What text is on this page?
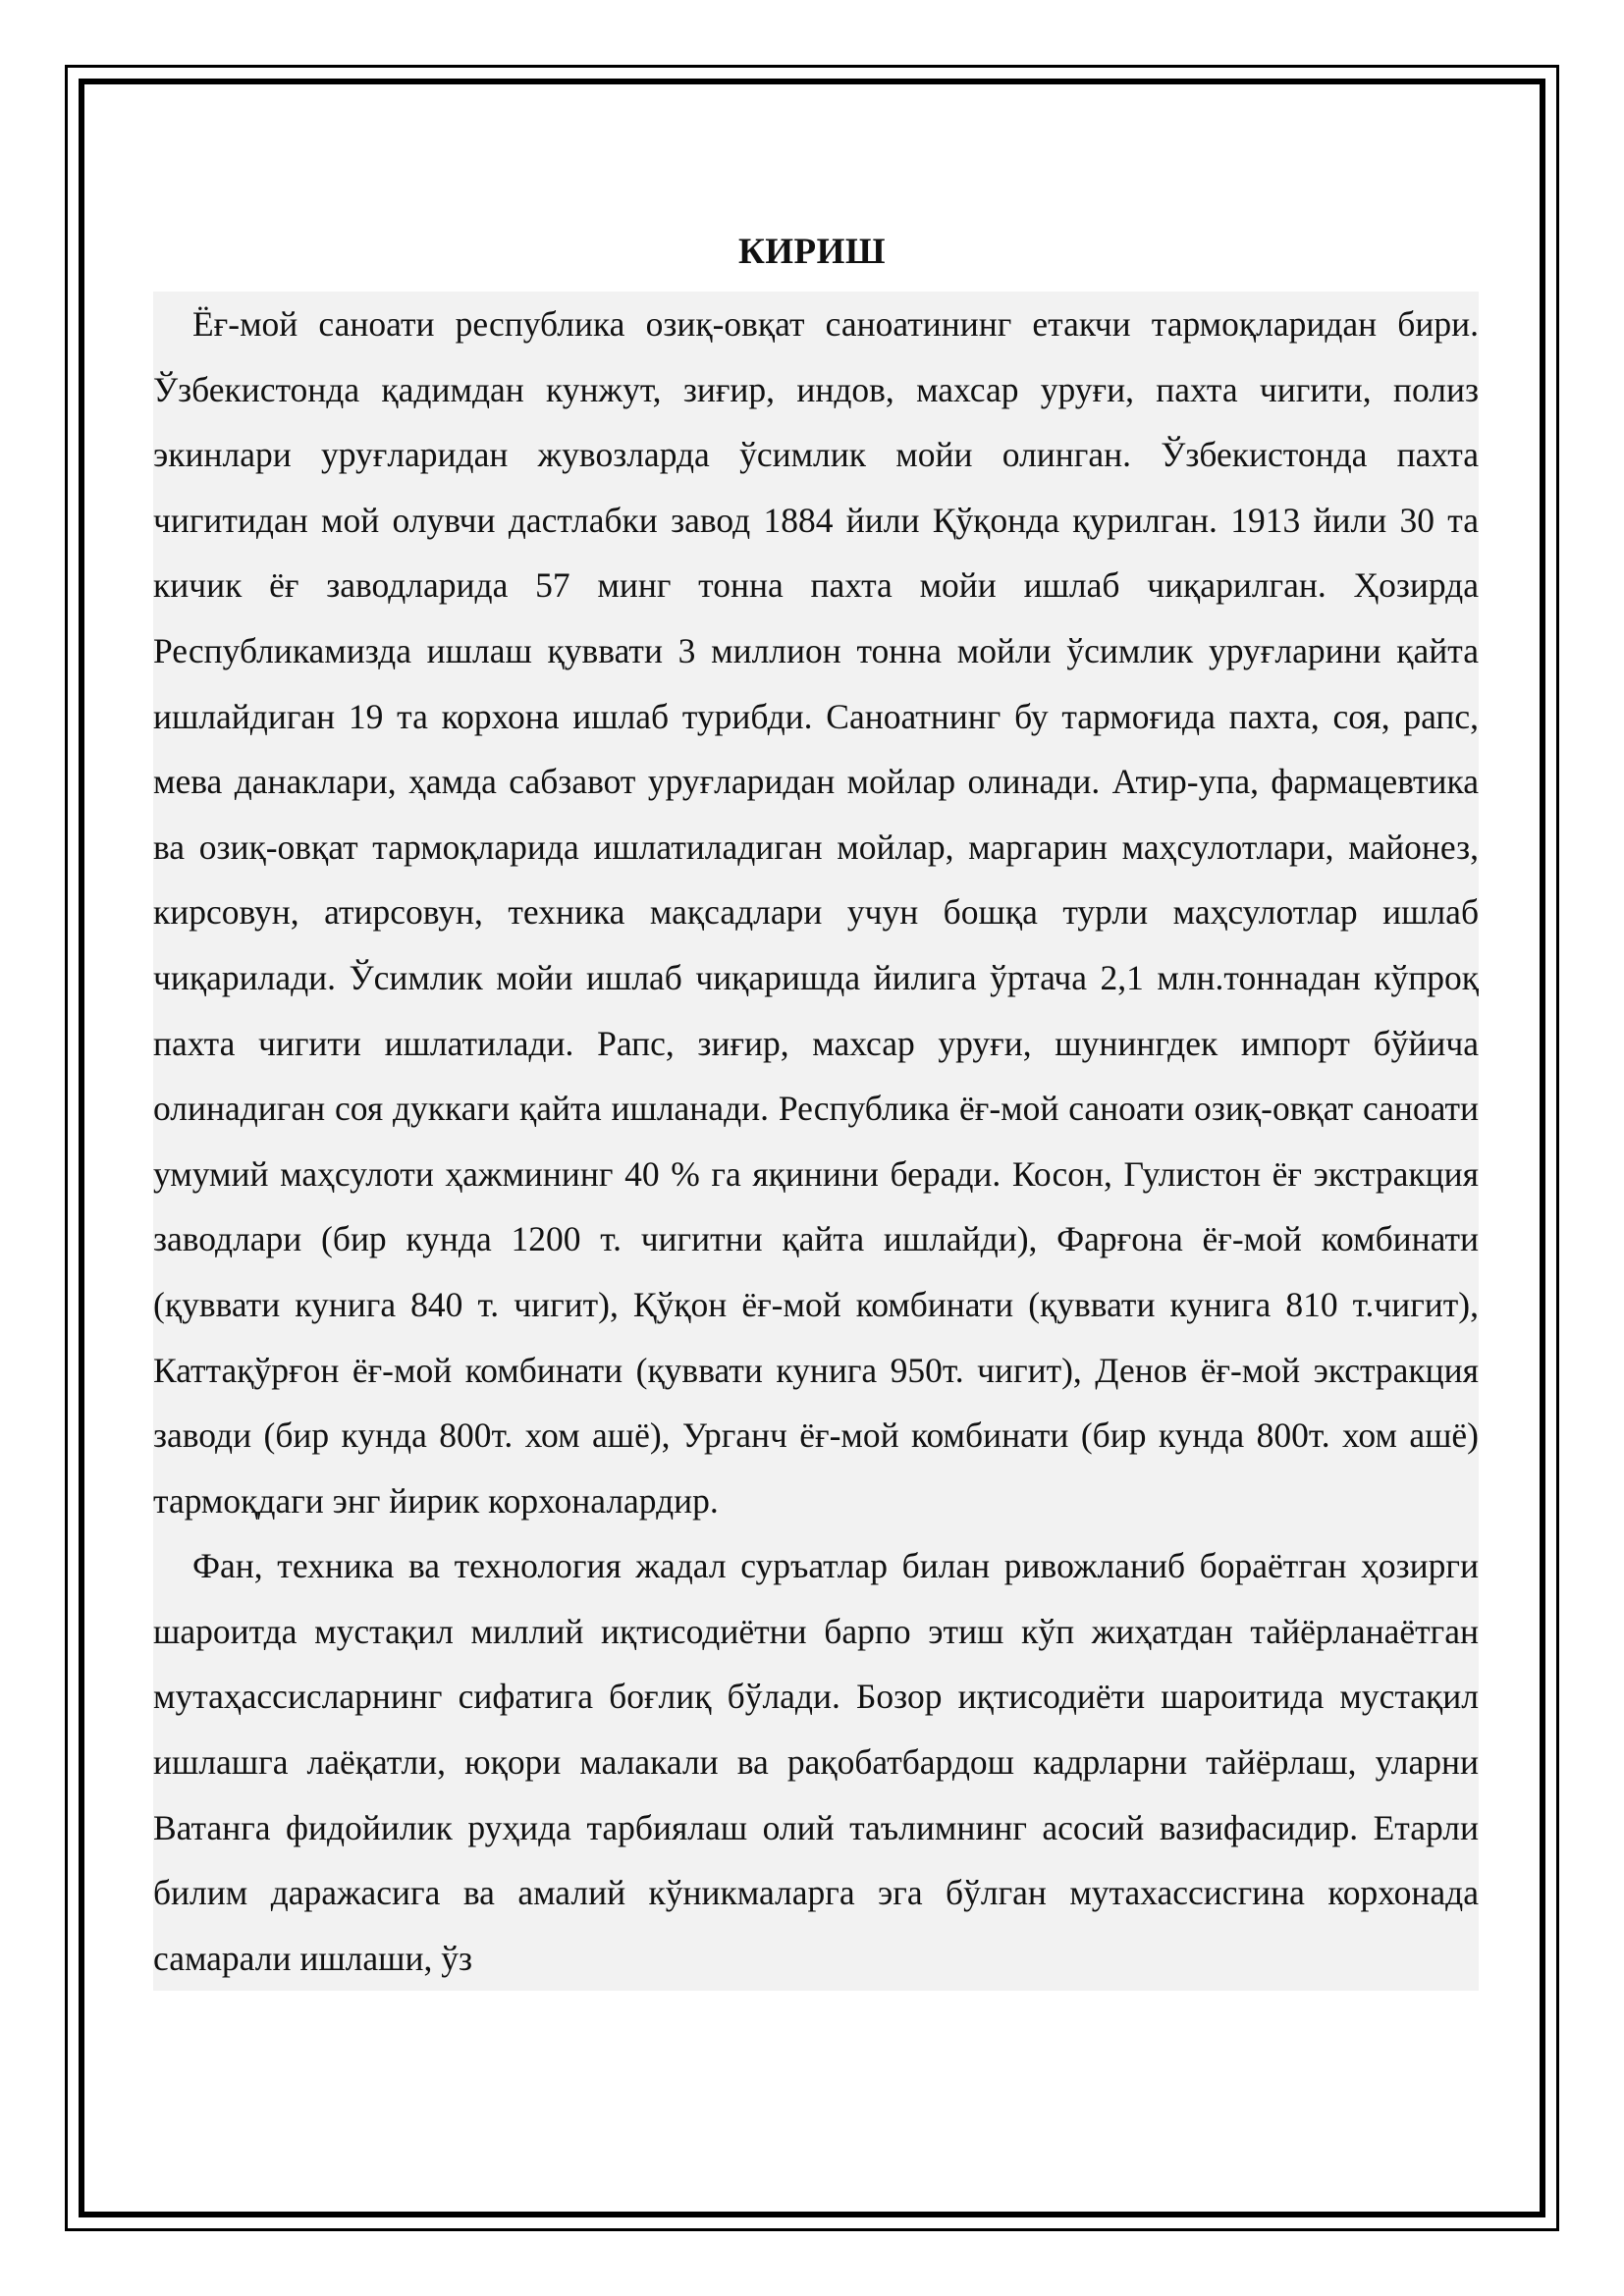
КИРИШ

Ёғ-мой саноати республика озиқ-овқат саноатининг етакчи тармоқларидан бири. Ўзбекистонда қадимдан кунжут, зиғир, индов, махсар уруғи, пахта чигити, полиз экинлари уруғларидан жувозларда ўсимлик мойи олинган. Ўзбекистонда пахта чигитидан мой олувчи дастлабки завод 1884 йили Қўқонда қурилган. 1913 йили 30 та кичик ёғ заводларида 57 минг тонна пахта мойи ишлаб чиқарилган. Ҳозирда Республикамизда ишлаш қуввати 3 миллион тонна мойли ўсимлик уруғларини қайта ишлайдиган 19 та корхона ишлаб турибди. Саноатнинг бу тармоғида пахта, соя, рапс, мева данаклари, ҳамда сабзавот уруғларидан мойлар олинади. Атир-упа, фармацевтика ва озиқ-овқат тармоқларида ишлатиладиган мойлар, маргарин маҳсулотлари, майонез, кирсовун, атирсовун, техника мақсадлари учун бошқа турли маҳсулотлар ишлаб чиқарилади. Ўсимлик мойи ишлаб чиқаришда йилига ўртача 2,1 млн.тоннадан кўпроқ пахта чигити ишлатилади. Рапс, зиғир, махсар уруғи, шунингдек импорт бўйича олинадиган соя дуккаги қайта ишланади. Республика ёғ-мой саноати озиқ-овқат саноати умумий маҳсулоти ҳажмининг 40 % га яқинини беради. Косон, Гулистон ёғ экстракция заводлари (бир кунда 1200 т. чигитни қайта ишлайди), Фарғона ёғ-мой комбинати (қуввати кунига 840 т. чигит), Қўқон ёғ-мой комбинати (қуввати кунига 810 т.чигит), Каттақўрғон ёғ-мой комбинати (қуввати кунига 950т. чигит), Денов ёғ-мой экстракция заводи (бир кунда 800т. хом ашё), Урганч ёғ-мой комбинати (бир кунда 800т. хом ашё) тармоқдаги энг йирик корхоналардир.

Фан, техника ва технология жадал суръатлар билан ривожланиб бораётган ҳозирги шароитда мустақил миллий иқтисодиётни барпо этиш кўп жиҳатдан тайёрланаётган мутаҳассисларнинг сифатига боғлиқ бўлади. Бозор иқтисодиёти шароитида мустақил ишлашга лаёқатли, юқори малакали ва рақобатбардош кадрларни тайёрлаш, уларни Ватанга фидойилик руҳида тарбиялаш олий таълимнинг асосий вазифасидир. Етарли билим даражасига ва амалий кўникмаларга эга бўлган мутахассисгина корхонада самарали ишлаши, ўз
